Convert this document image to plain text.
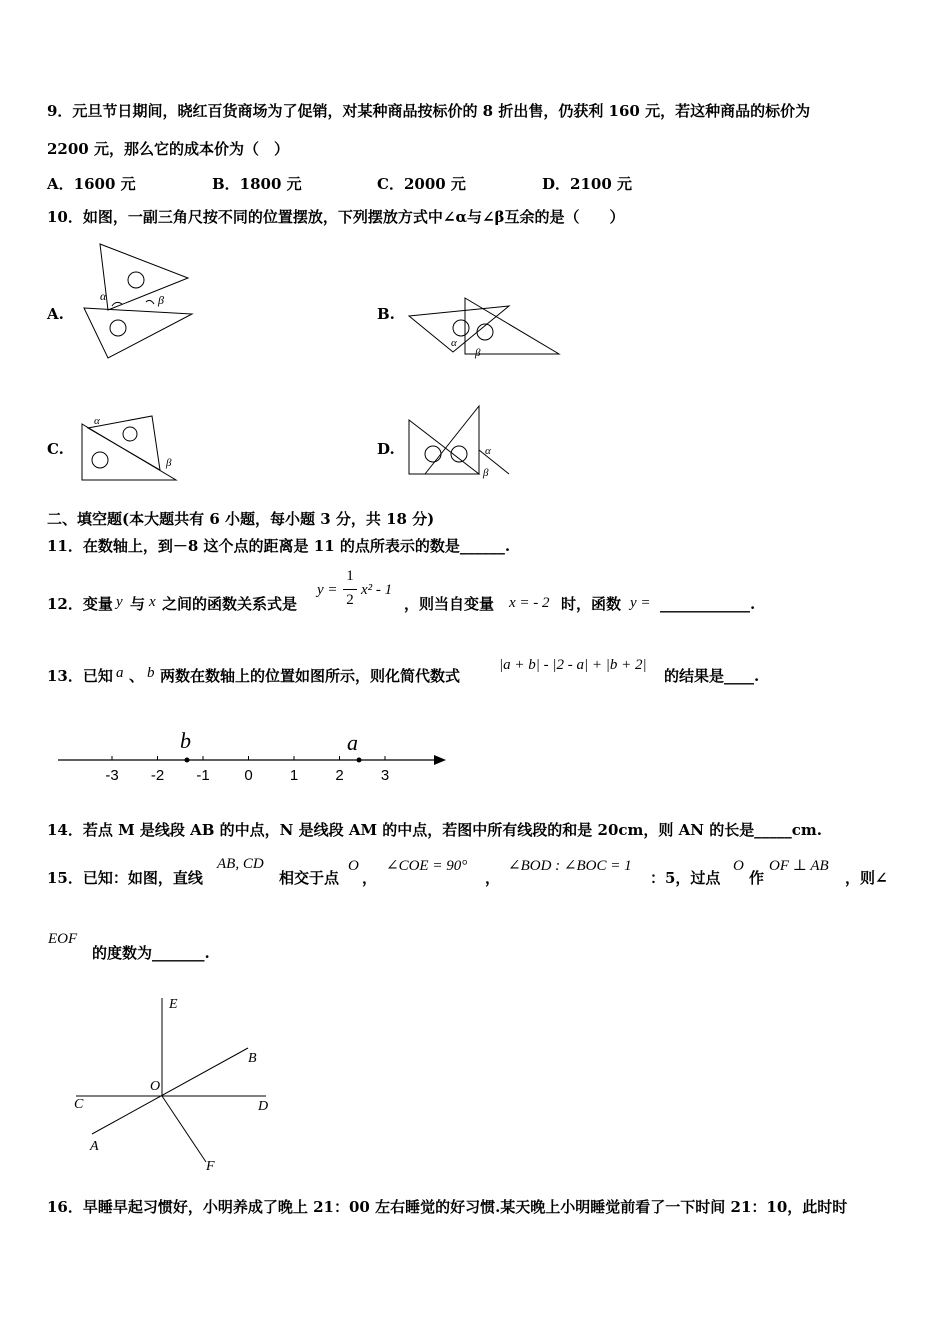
9．元旦节日期间，晓红百货商场为了促销，对某种商品按标价的 8 折出售，仍获利 160 元，若这种商品的标价为
2200 元，那么它的成本价为（　）
A．1600 元	B．1800 元	C．2000 元	D．2100 元
10．如图，一副三角尺按不同的位置摆放，下列摆放方式中∠α与∠β互余的是（　　）
A.
α	β
B.
α
β
C.
α
β
D.	α
β
二、填空题(本大题共有 6 小题，每小题 3 分，共 18 分)
11．在数轴上，到－8 这个点的距离是 11 的点所表示的数是______.
12．变量 y 与 x 之间的函数关系式是
y =
1
2
x² - 1
，则当自变量 x = - 2 时，函数 y = ____________.
13．已知 a 、 b 两数在数轴上的位置如图所示，则化简代数式
|a + b| - |2 - a| + |b + 2|
的结果是____.
-3 -2 -1 0 1 2 3
b	a
14．若点 M 是线段 AB 的中点，N 是线段 AM 的中点，若图中所有线段的和是 20cm，则 AN 的长是_____cm.
15．已知：如图，直线
AB, CD
相交于点
O
，
∠COE = 90°
，
∠BOD : ∠BOC = 1
：5，过点
O
作
OF ⊥ AB
，则∠
EOF
的度数为_______.
E
B
O
C	D
A
F
16．早睡早起习惯好，小明养成了晚上 21：00 左右睡觉的好习惯.某天晚上小明睡觉前看了一下时间 21：10，此时时
